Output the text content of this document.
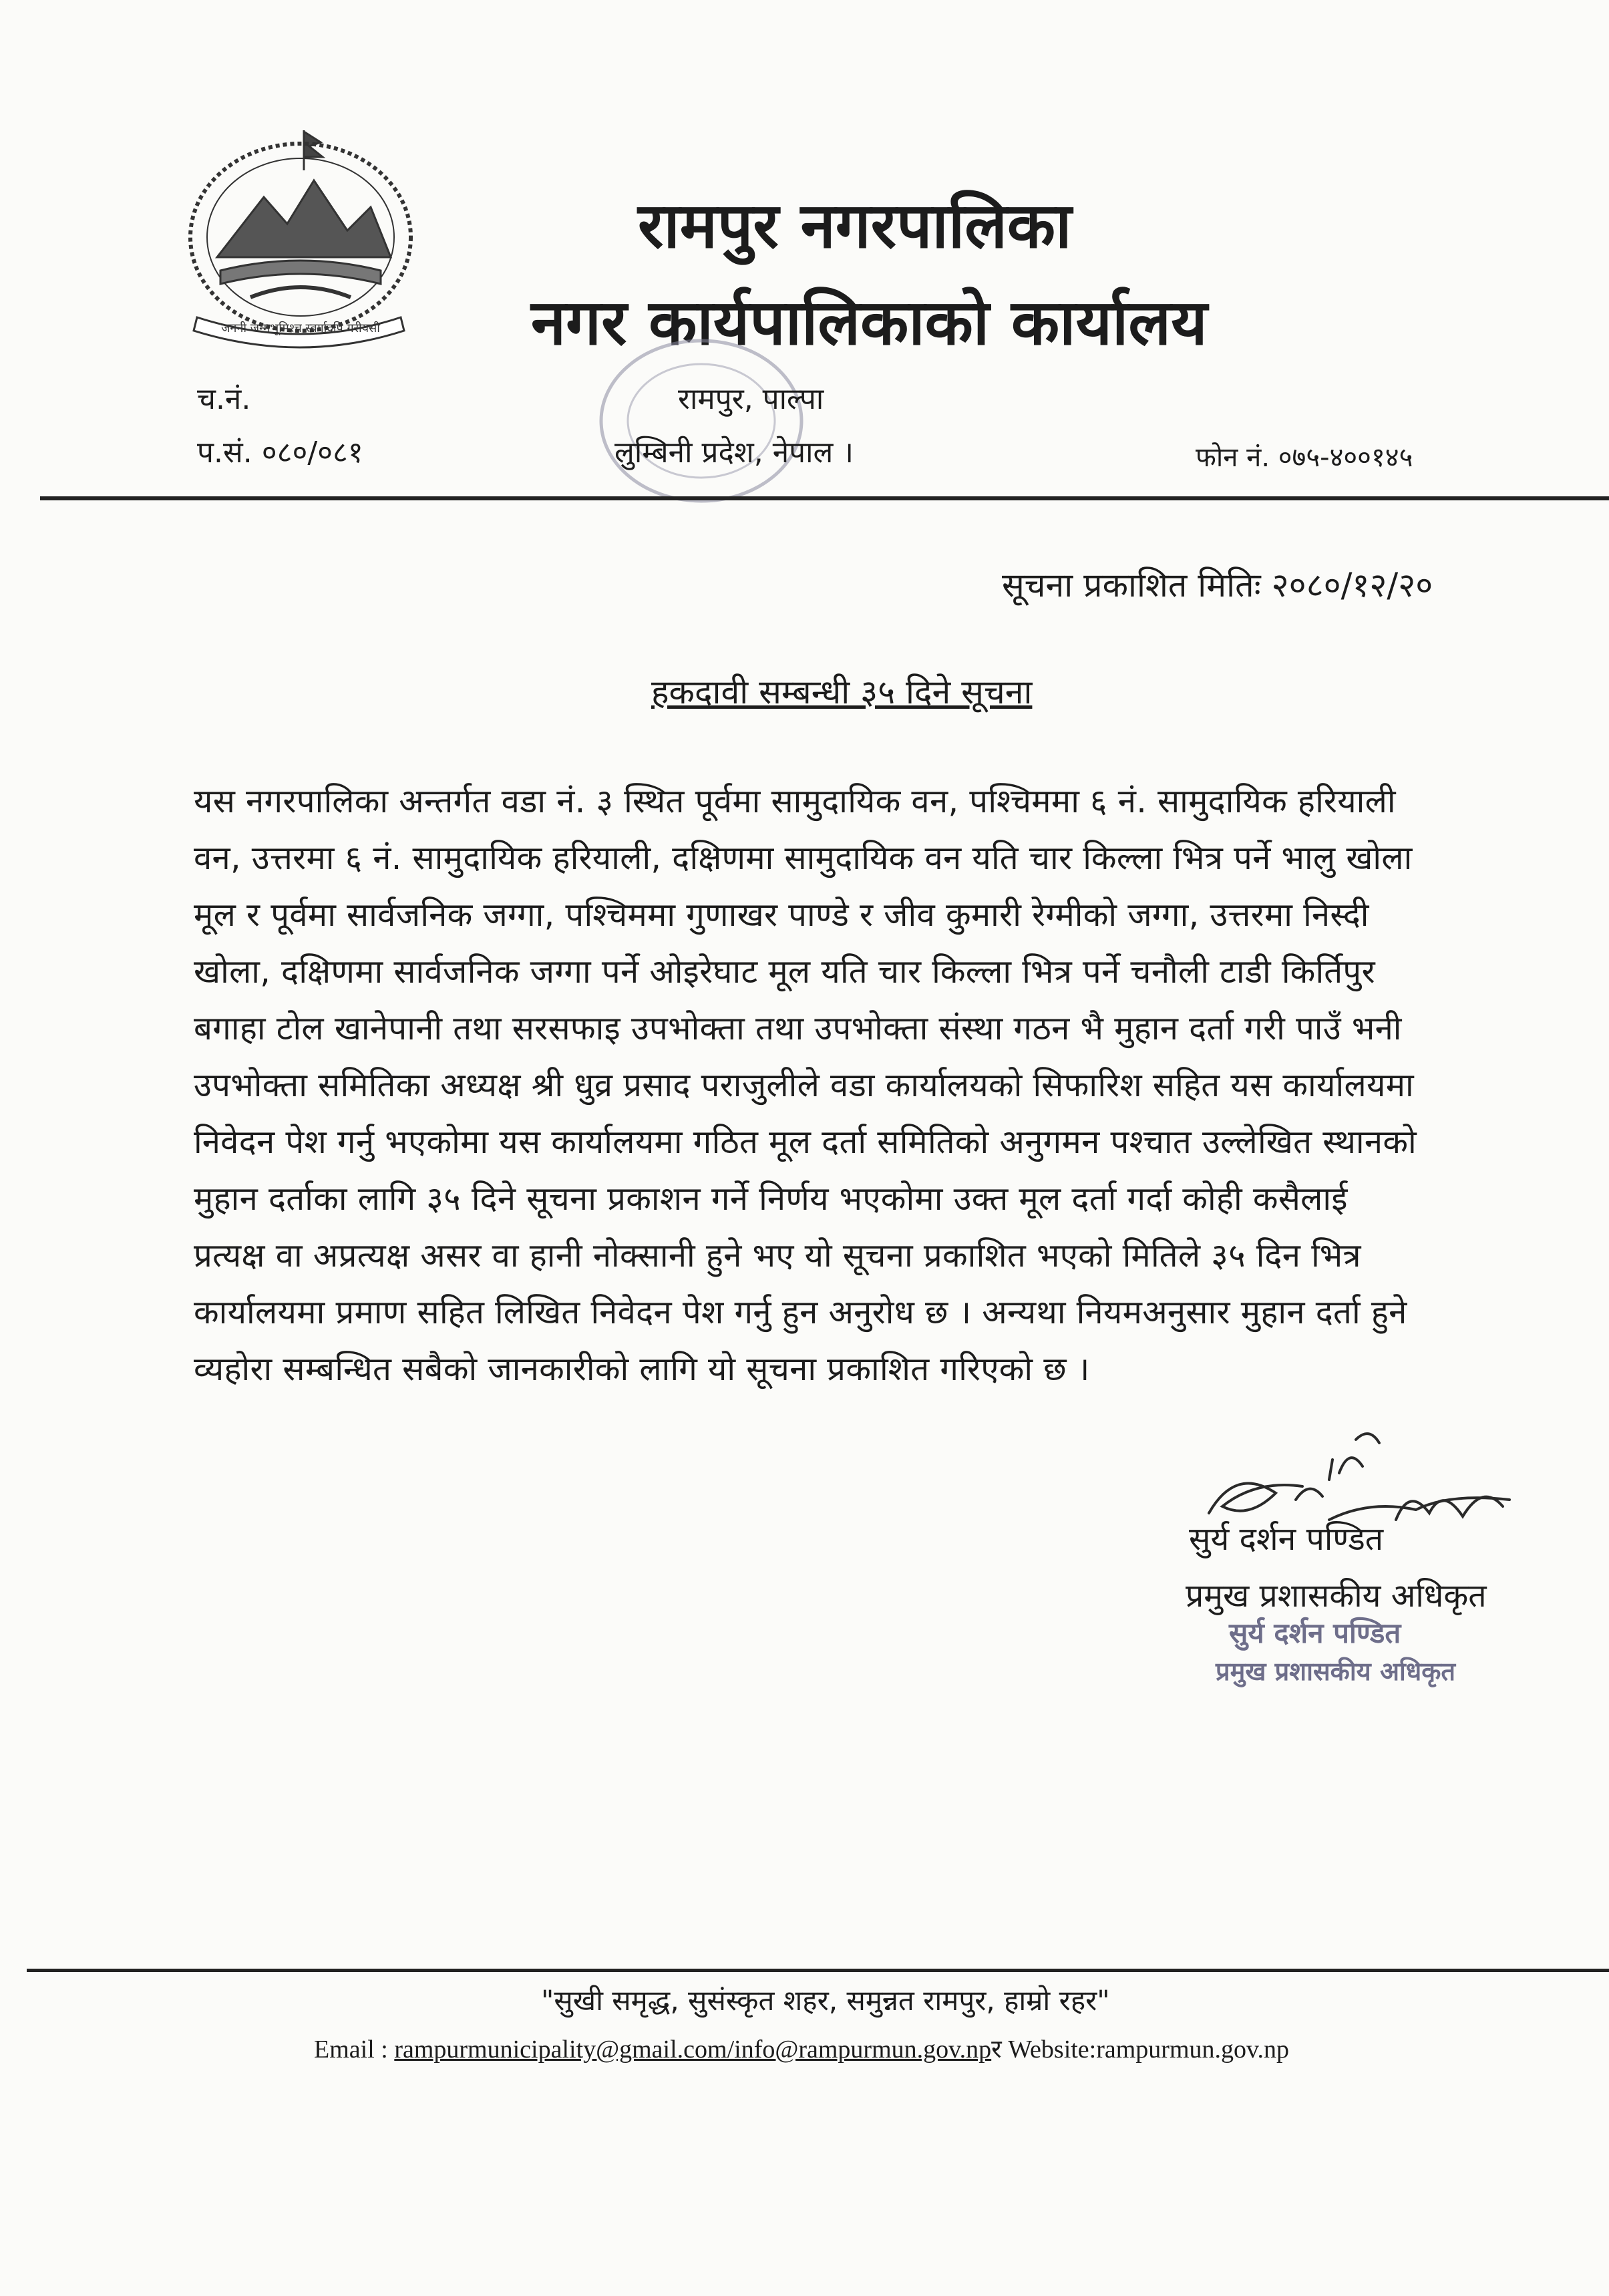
जननी जन्मभूमिश्च स्वर्गादपि गरीयसी
रामपुर नगरपालिका
नगर कार्यपालिकाको कार्यालय
च.नं.
प.सं. ०८०/०८१
रामपुर, पाल्पा
लुम्बिनी प्रदेश, नेपाल ।	फोन नं. ०७५-४००१४५
सूचना प्रकाशित मितिः २०८०/१२/२०
हकदावी सम्बन्धी ३५ दिने सूचना
यस नगरपालिका अन्तर्गत वडा नं. ३ स्थित पूर्वमा सामुदायिक वन, पश्चिममा ६ नं. सामुदायिक हरियाली
वन, उत्तरमा ६ नं. सामुदायिक हरियाली, दक्षिणमा सामुदायिक वन यति चार किल्ला भित्र पर्ने भालु खोला
मूल र पूर्वमा सार्वजनिक जग्गा, पश्चिममा गुणाखर पाण्डे र जीव कुमारी रेग्मीको जग्गा, उत्तरमा निस्दी
खोला, दक्षिणमा सार्वजनिक जग्गा पर्ने ओइरेघाट मूल यति चार किल्ला भित्र पर्ने चनौली टाडी किर्तिपुर
बगाहा टोल खानेपानी तथा सरसफाइ उपभोक्ता तथा उपभोक्ता संस्था गठन भै मुहान दर्ता गरी पाउँ भनी
उपभोक्ता समितिका अध्यक्ष श्री धुव्र प्रसाद पराजुलीले वडा कार्यालयको सिफारिश सहित यस कार्यालयमा
निवेदन पेश गर्नु भएकोमा यस कार्यालयमा गठित मूल दर्ता समितिको अनुगमन पश्चात उल्लेखित स्थानको
मुहान दर्ताका लागि ३५ दिने सूचना प्रकाशन गर्ने निर्णय भएकोमा उक्त मूल दर्ता गर्दा कोही कसैलाई
प्रत्यक्ष वा अप्रत्यक्ष असर वा हानी नोक्सानी हुने भए यो सूचना प्रकाशित भएको मितिले ३५ दिन भित्र
कार्यालयमा प्रमाण सहित लिखित निवेदन पेश गर्नु हुन अनुरोध छ । अन्यथा नियमअनुसार मुहान दर्ता हुने
व्यहोरा सम्बन्धित सबैको जानकारीको लागि यो सूचना प्रकाशित गरिएको छ ।
सुर्य दर्शन पण्डित
प्रमुख प्रशासकीय अधिकृत
सुर्य दर्शन पण्डित
प्रमुख प्रशासकीय अधिकृत
"सुखी समृद्ध, सुसंस्कृत शहर, समुन्नत रामपुर, हाम्रो रहर"
Email : rampurmunicipality@gmail.com/info@rampurmun.gov.npर Website:rampurmun.gov.np
